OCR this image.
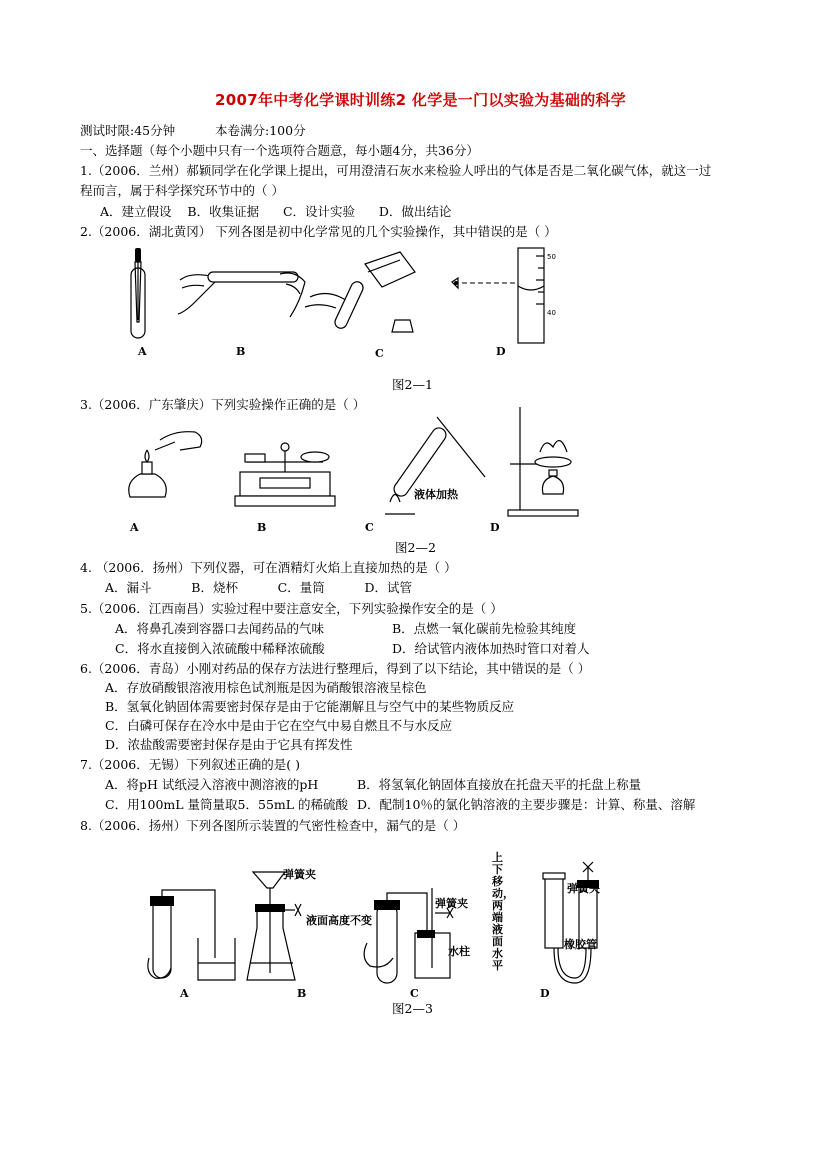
2007年中考化学课时训练2 化学是一门以实验为基础的科学
测试时限:45分钟	本卷满分:100分
一、选择题（每个小题中只有一个选项符合题意，每小题4分，共36分）
1.（2006．兰州）郝颖同学在化学课上提出，可用澄清石灰水来检验人呼出的气体是否是二氧化碳气体，就这一过
程而言，属于科学探究环节中的（ ）
A．建立假设    B．收集证据      C．设计实验      D．做出结论
2.（2006．湖北黄冈） 下列各图是初中化学常见的几个实验操作，其中错误的是（ ）
50
40
A	B	C	D
图2—1
3.（2006．广东肇庆）下列实验操作正确的是（ ）
液体加热
A	B	C	D
图2—2
4. （2006．扬州）下列仪器，可在酒精灯火焰上直接加热的是（ ）
A．漏斗          B．烧杯          C．量筒          D．试管
5.（2006．江西南昌）实验过程中要注意安全，下列实验操作安全的是（ ）
A．将鼻孔凑到容器口去闻药品的气味	B．点燃一氧化碳前先检验其纯度
C．将水直接倒入浓硫酸中稀释浓硫酸	D．给试管内液体加热时管口对着人
6.（2006．青岛）小刚对药品的保存方法进行整理后，得到了以下结论，其中错误的是（ ）
A．存放硝酸银溶液用棕色试剂瓶是因为硝酸银溶液呈棕色
B．氢氧化钠固体需要密封保存是由于它能潮解且与空气中的某些物质反应
C．白磷可保存在冷水中是由于它在空气中易自燃且不与水反应
D．浓盐酸需要密封保存是由于它具有挥发性
7.（2006．无锡）下列叙述正确的是( )
A．将pH 试纸浸入溶液中测溶液的pH	B．将氢氧化钠固体直接放在托盘天平的托盘上称量
C．用100mL 量筒量取5．55mL 的稀硫酸 D．配制10％的氯化钠溶液的主要步骤是：计算、称量、溶解
8.（2006．扬州）下列各图所示装置的气密性检查中，漏气的是（ ）
弹簧夹
液面高度不变
弹簧夹
水柱
上下移动，两端液面水平
弹簧夹
橡胶管
A	B	C	D
图2—3
